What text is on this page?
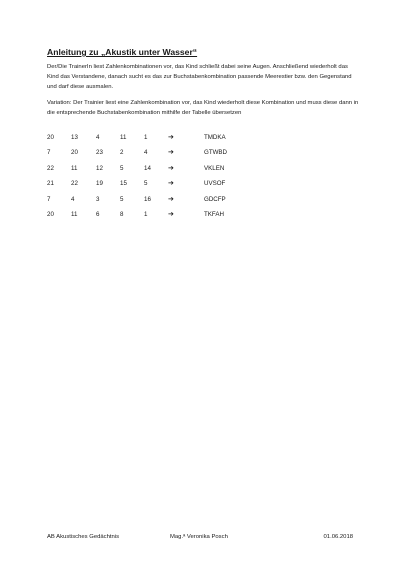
Anleitung zu „Akustik unter Wasser“

Der/Die TrainerIn liest Zahlenkombinationen vor, das Kind schließt dabei seine Augen. Anschließend wiederholt das Kind das Verstandene, danach sucht es das zur Buchstabenkombination passende Meerestier bzw. den Gegenstand und darf diese ausmalen.

Variation: Der Trainier liest eine Zahlenkombination vor, das Kind wiederholt diese Kombination und muss diese dann in die entsprechende Buchstabenkombination mithilfe der Tabelle übersetzen

20	13	4	11	1	➔	TMDKA
7	20	23	2	4	➔	GTWBD
22	11	12	5	14 ➔	VKLEN
21	22	19	15	5	➔	UVSOF
7	4	3	5	16 ➔	GDCFP
20	11	6	8	1	➔	TKFAH
AB Akustisches Gedächtnis	Mag.ª Veronika Posch	01.06.2018
